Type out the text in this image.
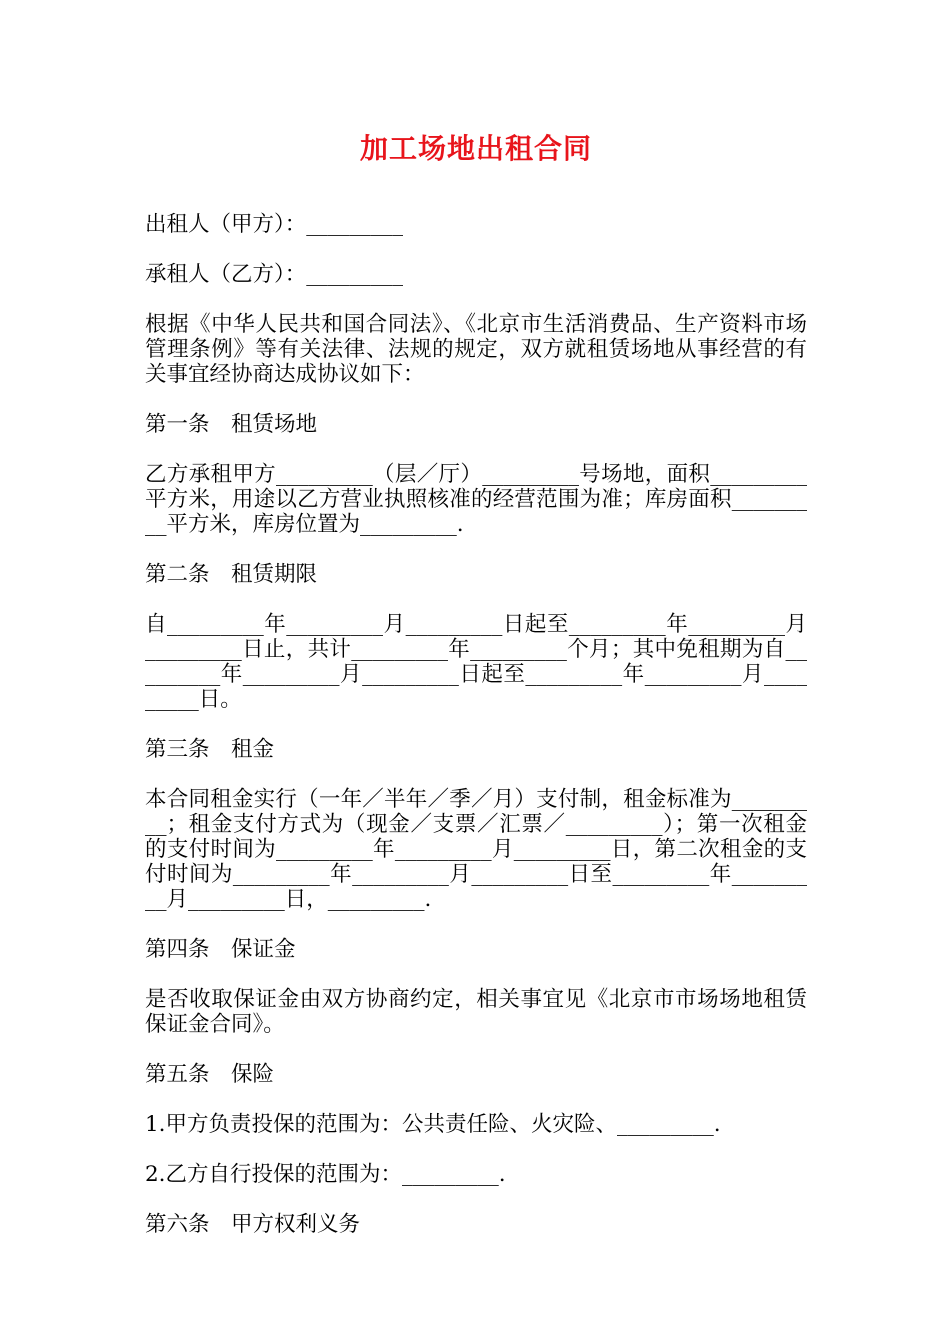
加工场地出租合同

出租人（甲方）：_________

承租人（乙方）：_________

根据《中华人民共和国合同法》、《北京市生活消费品、生产资料市场管理条例》等有关法律、法规的规定，双方就租赁场地从事经营的有关事宜经协商达成协议如下：

第一条　租赁场地

乙方承租甲方_________（层／厅）_________号场地，面积_________平方米，用途以乙方营业执照核准的经营范围为准；库房面积_________平方米，库房位置为_________.

第二条　租赁期限

自_________年_________月_________日起至_________年_________月_________日止，共计_________年_________个月；其中免租期为自_________年_________月_________日起至_________年_________月_________日。

第三条　租金

本合同租金实行（一年／半年／季／月）支付制，租金标准为_________；租金支付方式为（现金／支票／汇票／_________）；第一次租金的支付时间为_________年_________月_________日，第二次租金的支付时间为_________年_________月_________日至_________年_________月_________日，_________.

第四条　保证金

是否收取保证金由双方协商约定，相关事宜见《北京市市场场地租赁保证金合同》。

第五条　保险

1.甲方负责投保的范围为：公共责任险、火灾险、_________.

2.乙方自行投保的范围为：_________.

第六条　甲方权利义务
